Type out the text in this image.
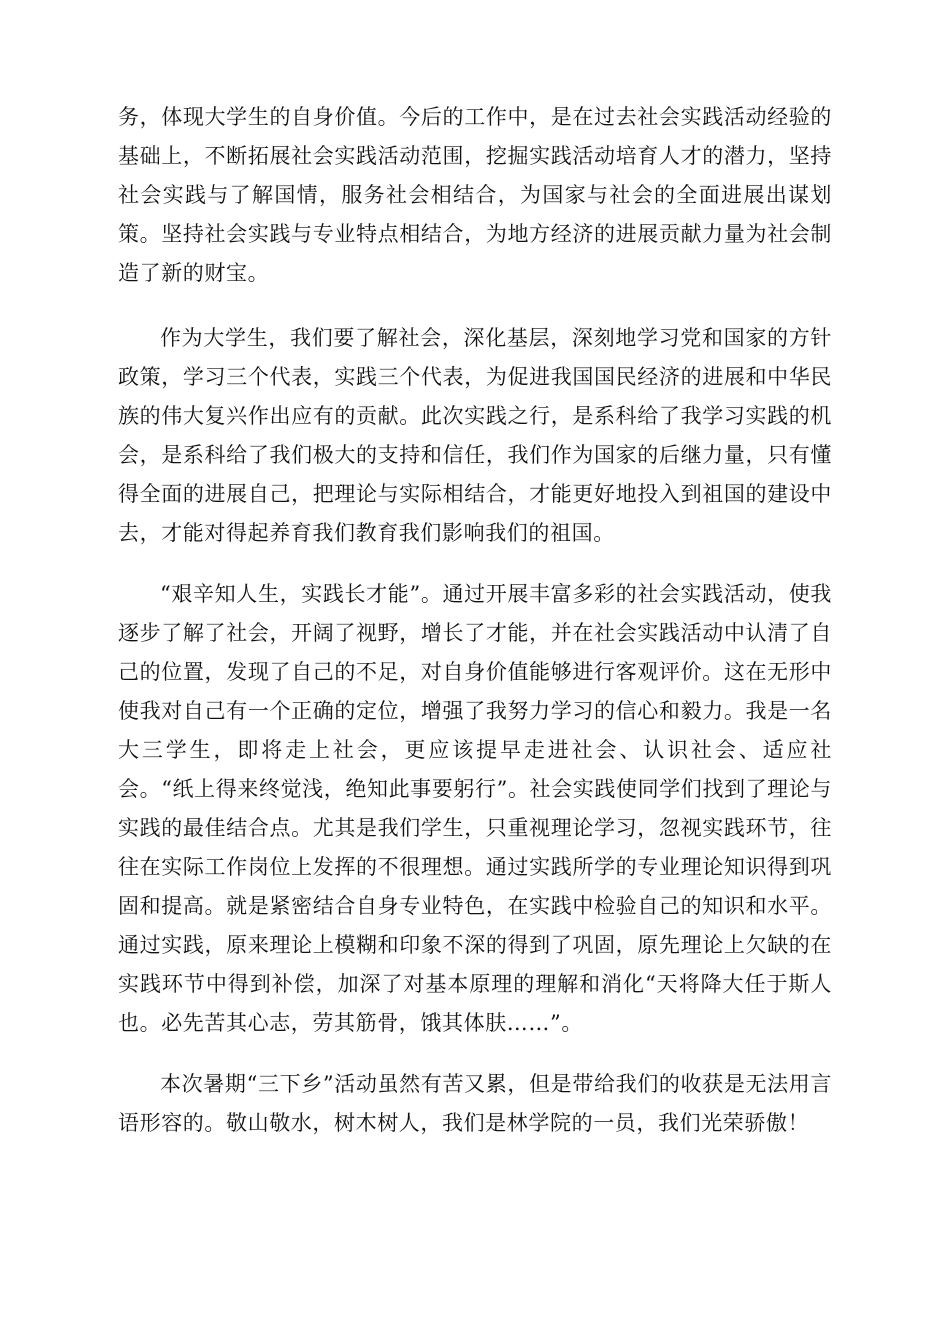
务，体现大学生的自身价值。今后的工作中，是在过去社会实践活动经验的基础上，不断拓展社会实践活动范围，挖掘实践活动培育人才的潜力，坚持社会实践与了解国情，服务社会相结合，为国家与社会的全面进展出谋划策。坚持社会实践与专业特点相结合，为地方经济的进展贡献力量为社会制造了新的财宝。

作为大学生，我们要了解社会，深化基层，深刻地学习党和国家的方针政策，学习三个代表，实践三个代表，为促进我国国民经济的进展和中华民族的伟大复兴作出应有的贡献。此次实践之行，是系科给了我学习实践的机会，是系科给了我们极大的支持和信任，我们作为国家的后继力量，只有懂得全面的进展自己，把理论与实际相结合，才能更好地投入到祖国的建设中去，才能对得起养育我们教育我们影响我们的祖国。

“艰辛知人生，实践长才能”。通过开展丰富多彩的社会实践活动，使我逐步了解了社会，开阔了视野，增长了才能，并在社会实践活动中认清了自己的位置，发现了自己的不足，对自身价值能够进行客观评价。这在无形中使我对自己有一个正确的定位，增强了我努力学习的信心和毅力。我是一名大三学生，即将走上社会，更应该提早走进社会、认识社会、适应社会。“纸上得来终觉浅，绝知此事要躬行”。社会实践使同学们找到了理论与实践的最佳结合点。尤其是我们学生，只重视理论学习，忽视实践环节，往往在实际工作岗位上发挥的不很理想。通过实践所学的专业理论知识得到巩固和提高。就是紧密结合自身专业特色，在实践中检验自己的知识和水平。通过实践，原来理论上模糊和印象不深的得到了巩固，原先理论上欠缺的在实践环节中得到补偿，加深了对基本原理的理解和消化“天将降大任于斯人也。必先苦其心志，劳其筋骨，饿其体肤……”。

本次暑期“三下乡”活动虽然有苦又累，但是带给我们的收获是无法用言语形容的。敬山敬水，树木树人，我们是林学院的一员，我们光荣骄傲！
